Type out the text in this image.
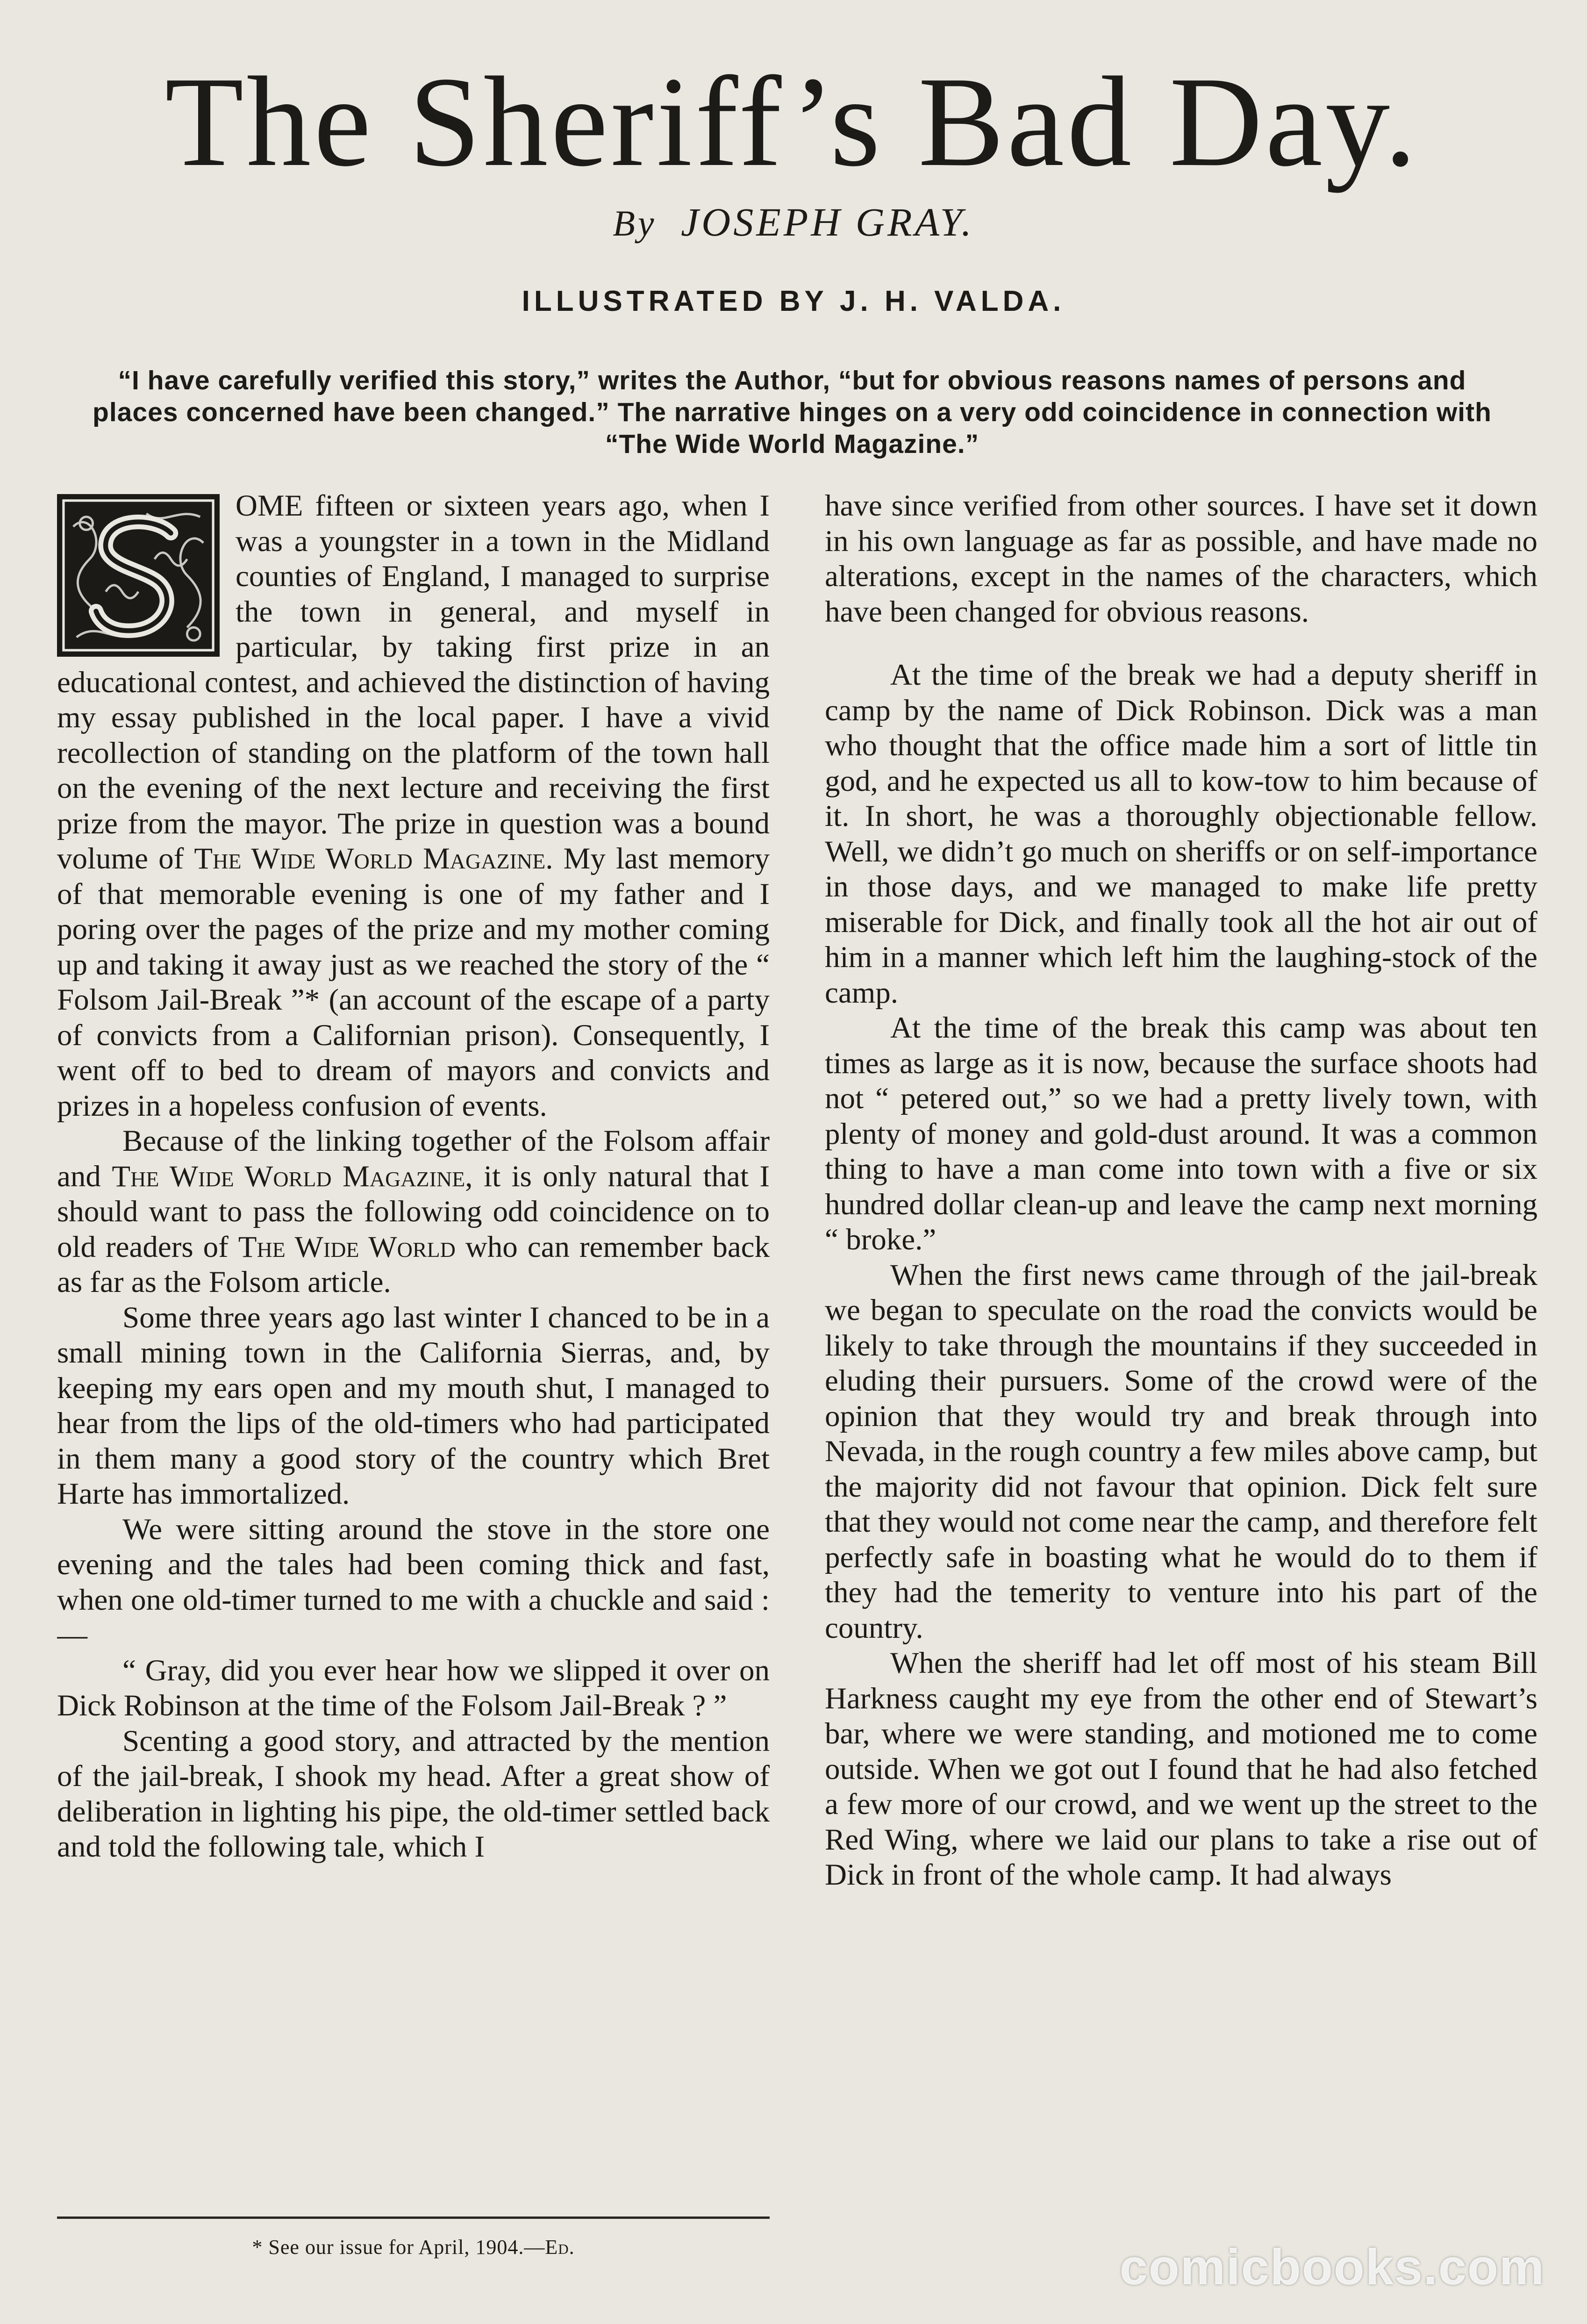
The Sheriff’s Bad Day.
By JOSEPH GRAY.
ILLUSTRATED BY J. H. VALDA.
“I have carefully verified this story,” writes the Author, “but for obvious reasons names of persons and places concerned have been changed.” The narrative hinges on a very odd coincidence in connection with “The Wide World Magazine.”

OME fifteen or sixteen years ago, when I was a youngster in a town in the Midland counties of England, I managed to surprise the town in general, and myself in particular, by taking first prize in an educational contest, and achieved the distinction of having my essay published in the local paper. I have a vivid recollection of standing on the platform of the town hall on the evening of the next lecture and receiving the first prize from the mayor. The prize in question was a bound volume of The Wide World Magazine. My last memory of that memorable evening is one of my father and I poring over the pages of the prize and my mother coming up and taking it away just as we reached the story of the “ Folsom Jail-Break ”* (an account of the escape of a party of convicts from a Californian prison). Consequently, I went off to bed to dream of mayors and convicts and prizes in a hopeless confusion of events.

Because of the linking together of the Folsom affair and The Wide World Magazine, it is only natural that I should want to pass the following odd coincidence on to old readers of The Wide World who can remember back as far as the Folsom article.

Some three years ago last winter I chanced to be in a small mining town in the California Sierras, and, by keeping my ears open and my mouth shut, I managed to hear from the lips of the old-timers who had participated in them many a good story of the country which Bret Harte has immortalized.

We were sitting around the stove in the store one evening and the tales had been coming thick and fast, when one old-timer turned to me with a chuckle and said :—

“ Gray, did you ever hear how we slipped it over on Dick Robinson at the time of the Folsom Jail-Break ? ”

Scenting a good story, and attracted by the mention of the jail-break, I shook my head. After a great show of deliberation in lighting his pipe, the old-timer settled back and told the following tale, which I

have since verified from other sources. I have set it down in his own language as far as possible, and have made no alterations, except in the names of the characters, which have been changed for obvious reasons.

At the time of the break we had a deputy sheriff in camp by the name of Dick Robinson. Dick was a man who thought that the office made him a sort of little tin god, and he expected us all to kow-tow to him because of it. In short, he was a thoroughly objectionable fellow. Well, we didn’t go much on sheriffs or on self-importance in those days, and we managed to make life pretty miserable for Dick, and finally took all the hot air out of him in a manner which left him the laughing-stock of the camp.

At the time of the break this camp was about ten times as large as it is now, because the surface shoots had not “ petered out,” so we had a pretty lively town, with plenty of money and gold-dust around. It was a common thing to have a man come into town with a five or six hundred dollar clean-up and leave the camp next morning “ broke.”

When the first news came through of the jail-break we began to speculate on the road the convicts would be likely to take through the mountains if they succeeded in eluding their pursuers. Some of the crowd were of the opinion that they would try and break through into Nevada, in the rough country a few miles above camp, but the majority did not favour that opinion. Dick felt sure that they would not come near the camp, and therefore felt perfectly safe in boasting what he would do to them if they had the temerity to venture into his part of the country.

When the sheriff had let off most of his steam Bill Harkness caught my eye from the other end of Stewart’s bar, where we were standing, and motioned me to come outside. When we got out I found that he had also fetched a few more of our crowd, and we went up the street to the Red Wing, where we laid our plans to take a rise out of Dick in front of the whole camp. It had always

* See our issue for April, 1904.—Ed.	comicbooks.com
